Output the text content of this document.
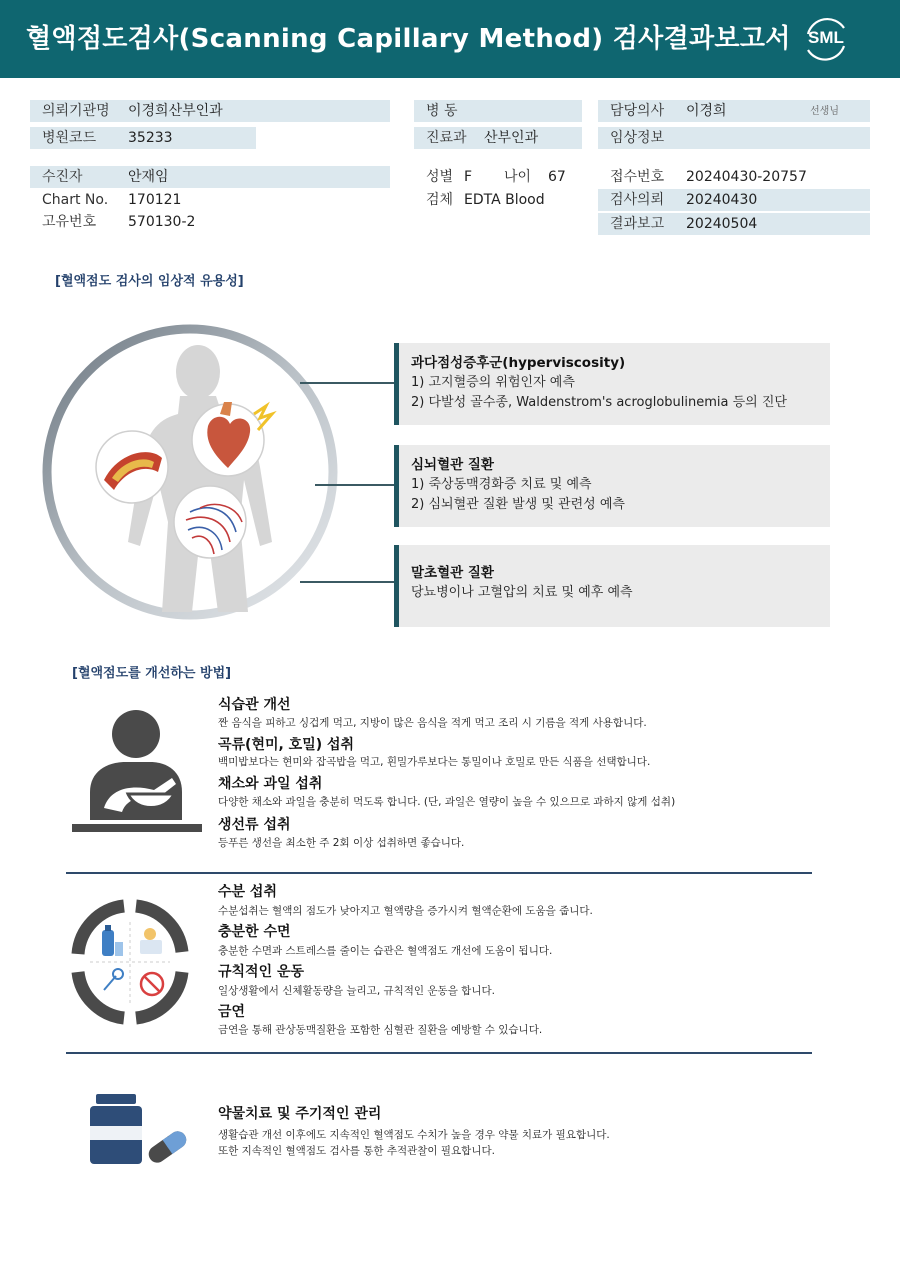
혈액점도검사(Scanning Capillary Method) 검사결과보고서	SML
의뢰기관명 이경희산부인과
병원코드 35233
병 동
진료과 산부인과
담당의사 이경희	선생님
임상정보
수진자	안재임
Chart No. 170121
고유번호 570130-2
성별 F 나이 67
검체 EDTA Blood
접수번호 20240430-20757
검사의뢰 20240430
결과보고 20240504
[혈액점도 검사의 임상적 유용성]
과다점성증후군(hyperviscosity)
1) 고지혈증의 위험인자 예측
2) 다발성 골수종, Waldenstrom's acroglobulinemia 등의 진단
심뇌혈관 질환
1) 죽상동맥경화증 치료 및 예측
2) 심뇌혈관 질환 발생 및 관련성 예측
말초혈관 질환
당뇨병이나 고혈압의 치료 및 예후 예측
[혈액점도를 개선하는 방법]
식습관 개선
짠 음식을 피하고 싱겁게 먹고, 지방이 많은 음식을 적게 먹고 조리 시 기름을 적게 사용합니다.
곡류(현미, 호밀) 섭취
백미밥보다는 현미와 잡곡밥을 먹고, 흰밀가루보다는 통밀이나 호밀로 만든 식품을 선택합니다.
채소와 과일 섭취
다양한 채소와 과일을 충분히 먹도록 합니다. (단, 과일은 열량이 높을 수 있으므로 과하지 않게 섭취)
생선류 섭취
등푸른 생선을 최소한 주 2회 이상 섭취하면 좋습니다.
수분 섭취
수분섭취는 혈액의 점도가 낮아지고 혈액량을 증가시켜 혈액순환에 도움을 줍니다.
충분한 수면
충분한 수면과 스트레스를 줄이는 습관은 혈액점도 개선에 도움이 됩니다.
규칙적인 운동
일상생활에서 신체활동량을 늘리고, 규칙적인 운동을 합니다.
금연
금연을 통해 관상동맥질환을 포함한 심혈관 질환을 예방할 수 있습니다.
약물치료 및 주기적인 관리
생활습관 개선 이후에도 지속적인 혈액점도 수치가 높을 경우 약물 치료가 필요합니다.
또한 지속적인 혈액점도 검사를 통한 추적관찰이 필요합니다.
